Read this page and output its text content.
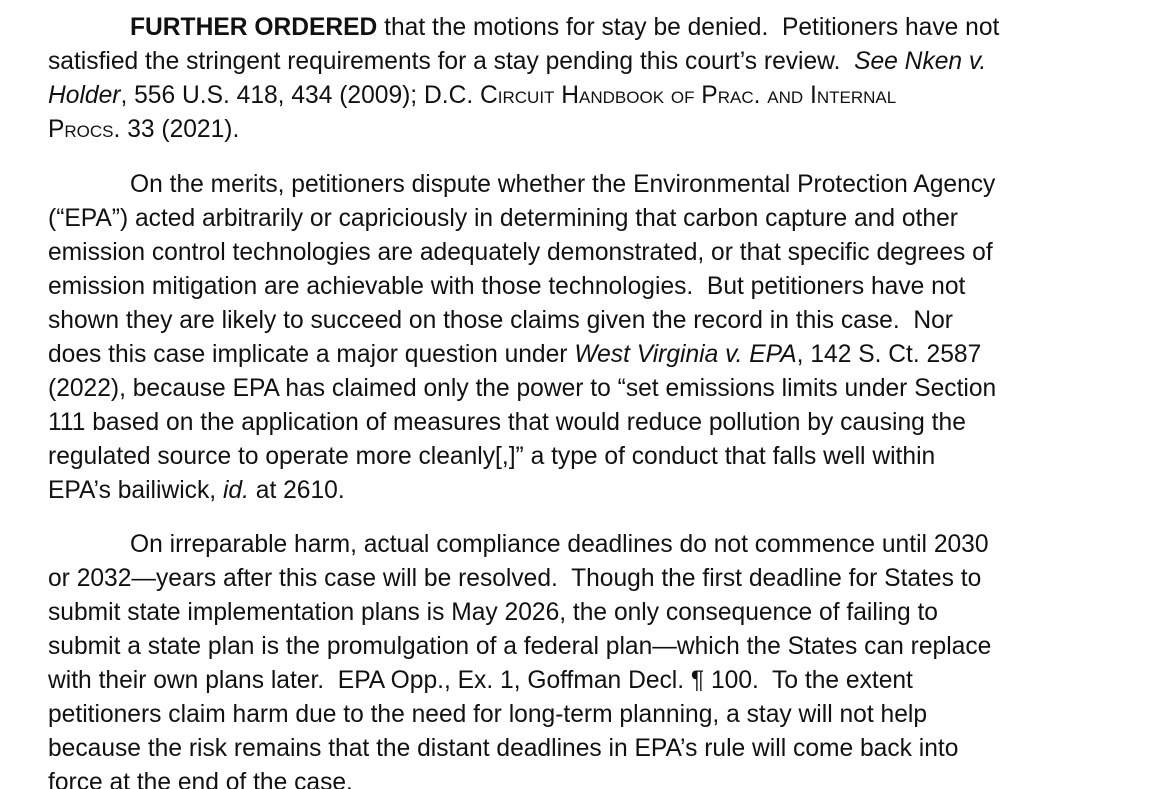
FURTHER ORDERED that the motions for stay be denied.  Petitioners have not
satisfied the stringent requirements for a stay pending this court’s review.  See Nken v.
Holder, 556 U.S. 418, 434 (2009); D.C. Circuit Handbook of Prac. and Internal
Procs. 33 (2021).
On the merits, petitioners dispute whether the Environmental Protection Agency
(“EPA”) acted arbitrarily or capriciously in determining that carbon capture and other
emission control technologies are adequately demonstrated, or that specific degrees of
emission mitigation are achievable with those technologies.  But petitioners have not
shown they are likely to succeed on those claims given the record in this case.  Nor
does this case implicate a major question under West Virginia v. EPA, 142 S. Ct. 2587
(2022), because EPA has claimed only the power to “set emissions limits under Section
111 based on the application of measures that would reduce pollution by causing the
regulated source to operate more cleanly[,]” a type of conduct that falls well within
EPA’s bailiwick, id. at 2610.
On irreparable harm, actual compliance deadlines do not commence until 2030
or 2032—years after this case will be resolved.  Though the first deadline for States to
submit state implementation plans is May 2026, the only consequence of failing to
submit a state plan is the promulgation of a federal plan—which the States can replace
with their own plans later.  EPA Opp., Ex. 1, Goffman Decl. ¶ 100.  To the extent
petitioners claim harm due to the need for long-term planning, a stay will not help
because the risk remains that the distant deadlines in EPA’s rule will come back into
force at the end of the case.
